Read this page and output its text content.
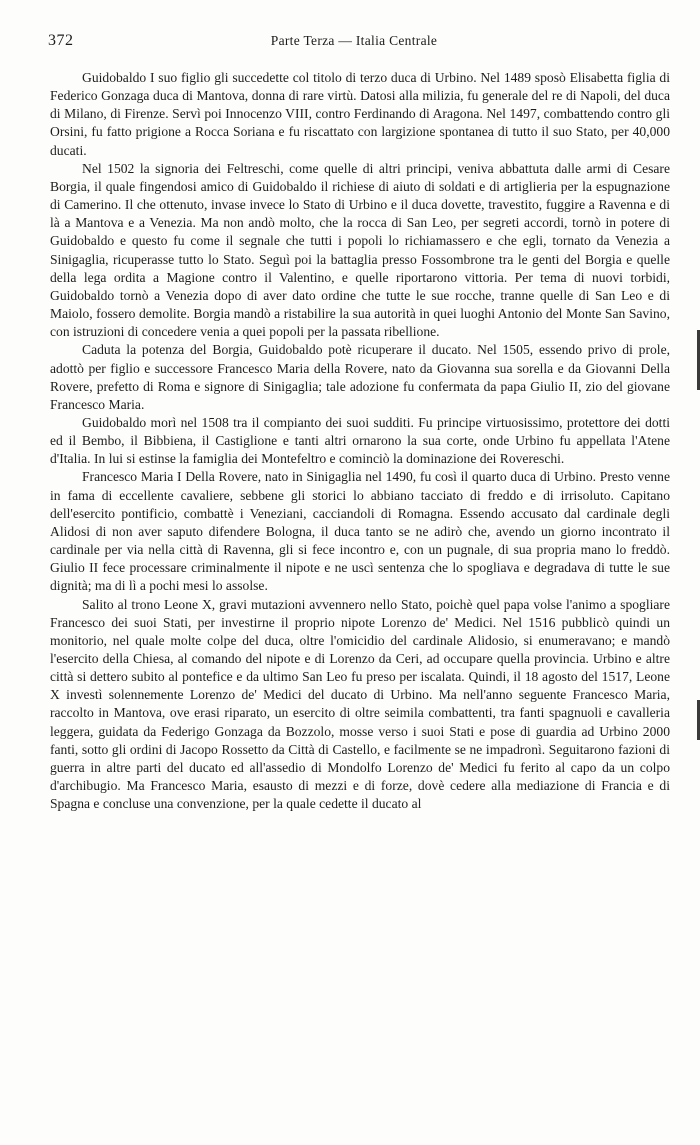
372	Parte Terza — Italia Centrale

Guidobaldo I suo figlio gli succedette col titolo di terzo duca di Urbino. Nel 1489 sposò Elisabetta figlia di Federico Gonzaga duca di Mantova, donna di rare virtù. Datosi alla milizia, fu generale del re di Napoli, del duca di Milano, di Firenze. Servì poi Innocenzo VIII, contro Ferdinando di Aragona. Nel 1497, combattendo contro gli Orsini, fu fatto prigione a Rocca Soriana e fu riscattato con largizione spontanea di tutto il suo Stato, per 40,000 ducati.

Nel 1502 la signoria dei Feltreschi, come quelle di altri principi, veniva abbattuta dalle armi di Cesare Borgia, il quale fingendosi amico di Guidobaldo il richiese di aiuto di soldati e di artiglieria per la espugnazione di Camerino. Il che ottenuto, invase invece lo Stato di Urbino e il duca dovette, travestito, fuggire a Ravenna e di là a Mantova e a Venezia. Ma non andò molto, che la rocca di San Leo, per segreti accordi, tornò in potere di Guidobaldo e questo fu come il segnale che tutti i popoli lo richiamassero e che egli, tornato da Venezia a Sinigaglia, ricuperasse tutto lo Stato. Seguì poi la battaglia presso Fossombrone tra le genti del Borgia e quelle della lega ordita a Magione contro il Valentino, e quelle riportarono vittoria. Per tema di nuovi torbidi, Guidobaldo tornò a Venezia dopo di aver dato ordine che tutte le sue rocche, tranne quelle di San Leo e di Maiolo, fossero demolite. Borgia mandò a ristabilire la sua autorità in quei luoghi Antonio del Monte San Savino, con istruzioni di concedere venia a quei popoli per la passata ribellione.

Caduta la potenza del Borgia, Guidobaldo potè ricuperare il ducato. Nel 1505, essendo privo di prole, adottò per figlio e successore Francesco Maria della Rovere, nato da Giovanna sua sorella e da Giovanni Della Rovere, prefetto di Roma e signore di Sinigaglia; tale adozione fu confermata da papa Giulio II, zio del giovane Francesco Maria.

Guidobaldo morì nel 1508 tra il compianto dei suoi sudditi. Fu principe virtuosissimo, protettore dei dotti ed il Bembo, il Bibbiena, il Castiglione e tanti altri ornarono la sua corte, onde Urbino fu appellata l'Atene d'Italia. In lui si estinse la famiglia dei Montefeltro e cominciò la dominazione dei Rovereschi.

Francesco Maria I Della Rovere, nato in Sinigaglia nel 1490, fu così il quarto duca di Urbino. Presto venne in fama di eccellente cavaliere, sebbene gli storici lo abbiano tacciato di freddo e di irrisoluto. Capitano dell'esercito pontificio, combattè i Veneziani, cacciandoli di Romagna. Essendo accusato dal cardinale degli Alidosi di non aver saputo difendere Bologna, il duca tanto se ne adirò che, avendo un giorno incontrato il cardinale per via nella città di Ravenna, gli si fece incontro e, con un pugnale, di sua propria mano lo freddò. Giulio II fece processare criminalmente il nipote e ne uscì sentenza che lo spogliava e degradava di tutte le sue dignità; ma di lì a pochi mesi lo assolse.

Salito al trono Leone X, gravi mutazioni avvennero nello Stato, poichè quel papa volse l'animo a spogliare Francesco dei suoi Stati, per investirne il proprio nipote Lorenzo de' Medici. Nel 1516 pubblicò quindi un monitorio, nel quale molte colpe del duca, oltre l'omicidio del cardinale Alidosio, si enumeravano; e mandò l'esercito della Chiesa, al comando del nipote e di Lorenzo da Ceri, ad occupare quella provincia. Urbino e altre città si dettero subito al pontefice e da ultimo San Leo fu preso per iscalata. Quindi, il 18 agosto del 1517, Leone X investì solennemente Lorenzo de' Medici del ducato di Urbino. Ma nell'anno seguente Francesco Maria, raccolto in Mantova, ove erasi riparato, un esercito di oltre seimila combattenti, tra fanti spagnuoli e cavalleria leggera, guidata da Federigo Gonzaga da Bozzolo, mosse verso i suoi Stati e pose di guardia ad Urbino 2000 fanti, sotto gli ordini di Jacopo Rossetto da Città di Castello, e facilmente se ne impadronì. Seguitarono fazioni di guerra in altre parti del ducato ed all'assedio di Mondolfo Lorenzo de' Medici fu ferito al capo da un colpo d'archibugio. Ma Francesco Maria, esausto di mezzi e di forze, dovè cedere alla mediazione di Francia e di Spagna e concluse una convenzione, per la quale cedette il ducato al
